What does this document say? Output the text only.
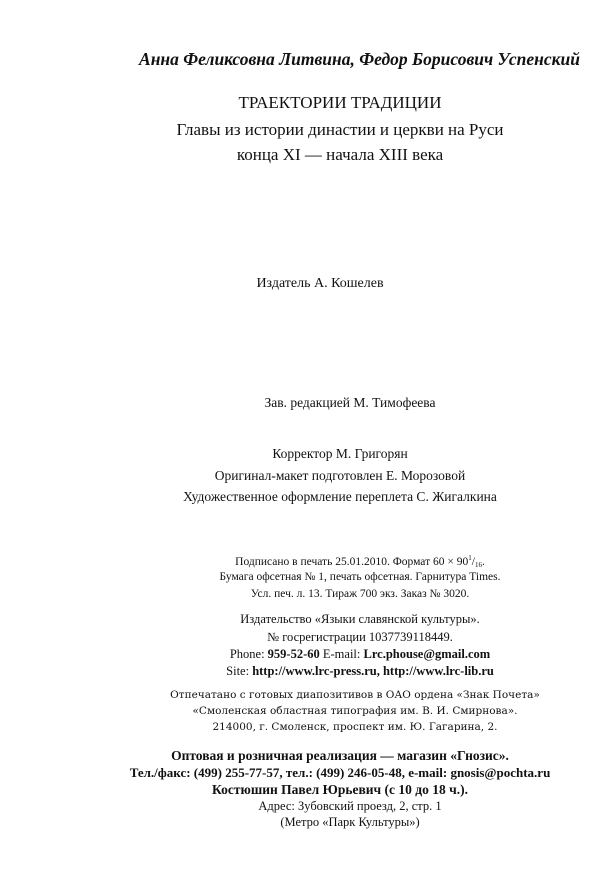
Анна Феликсовна Литвина, Федор Борисович Успенский
ТРАЕКТОРИИ ТРАДИЦИИ
Главы из истории династии и церкви на Руси
конца XI — начала XIII века
Издатель А. Кошелев
Зав. редакцией М. Тимофеева
Корректор М. Григорян
Оригинал-макет подготовлен Е. Морозовой
Художественное оформление переплета С. Жигалкина
Подписано в печать 25.01.2010. Формат $60 \times 90^1/_{16}$.
Бумага офсетная № 1, печать офсетная. Гарнитура Times.
Усл. печ. л. 13. Тираж 700 экз. Заказ № 3020.
Издательство «Языки славянской культуры».
№ госрегистрации 1037739118449.
Phone: 959-52-60 E-mail: Lrc.phouse@gmail.com
Site: http://www.lrc-press.ru, http://www.lrc-lib.ru
Отпечатано с готовых диапозитивов в ОАО ордена «Знак Почета»
«Смоленская областная типография им. В. И. Смирнова».
214000, г. Смоленск, проспект им. Ю. Гагарина, 2.
Оптовая и розничная реализация — магазин «Гнозис».
Тел./факс: (499) 255-77-57, тел.: (499) 246-05-48, e-mail: gnosis@pochta.ru
Костюшин Павел Юрьевич (с 10 до 18 ч.).
Адрес: Зубовский проезд, 2, стр. 1
(Метро «Парк Культуры»)
